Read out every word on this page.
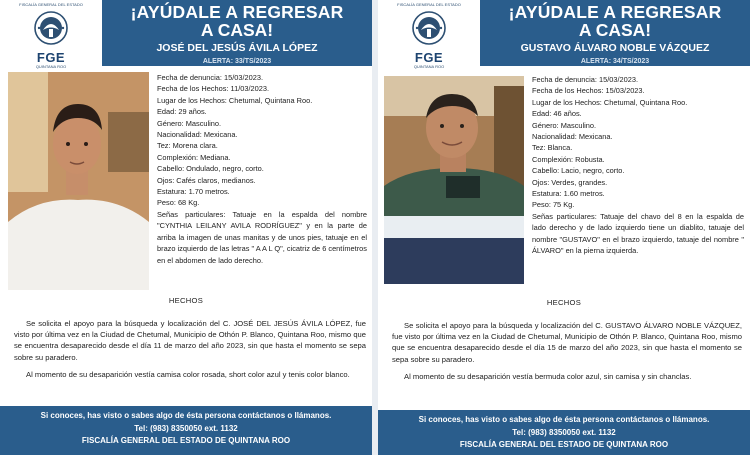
FISCALÍA GENERAL DEL ESTADO
FGE
QUINTANA ROO
¡AYÚDALE A REGRESAR
A CASA!
JOSÉ DEL JESÚS ÁVILA LÓPEZ
ALERTA: 33/TS/2023
Fecha de denuncia: 15/03/2023.
Fecha de los Hechos: 11/03/2023.
Lugar de los Hechos: Chetumal, Quintana Roo.
Edad: 29 años.
Género: Masculino.
Nacionalidad: Mexicana.
Tez: Morena clara.
Complexión: Mediana.
Cabello: Ondulado, negro, corto.
Ojos: Cafés claros, medianos.
Estatura: 1.70 metros.
Peso: 68 Kg.
Señas particulares: Tatuaje en la espalda del nombre "CYNTHIA LEILANY AVILA RODRÍGUEZ" y en la parte de arriba la imagen de unas manitas y de unos pies, tatuaje en el brazo izquierdo de las letras " A A L Q", cicatriz de 6 centímetros en el abdomen de lado derecho.
HECHOS

Se solicita el apoyo para la búsqueda y localización del C. JOSÉ DEL JESÚS ÁVILA LÓPEZ, fue visto por última vez en la Ciudad de Chetumal, Municipio de Othón P. Blanco, Quintana Roo, mismo que se encuentra desaparecido desde el día 11 de marzo del año 2023, sin que hasta el momento se sepa sobre su paradero.

Al momento de su desaparición vestía camisa color rosada, short color azul y tenis color blanco.

Si conoces, has visto o sabes algo de ésta persona contáctanos o llámanos.
Tel: (983) 8350050 ext. 1132
FISCALÍA GENERAL DEL ESTADO DE QUINTANA ROO
FISCALÍA GENERAL DEL ESTADO
FGE
QUINTANA ROO
¡AYÚDALE A REGRESAR
A CASA!
GUSTAVO ÁLVARO NOBLE VÁZQUEZ
ALERTA: 34/TS/2023
Fecha de denuncia: 15/03/2023.
Fecha de los Hechos: 15/03/2023.
Lugar de los Hechos: Chetumal, Quintana Roo.
Edad: 46 años.
Género: Masculino.
Nacionalidad: Mexicana.
Tez: Blanca.
Complexión: Robusta.
Cabello: Lacio, negro, corto.
Ojos: Verdes, grandes.
Estatura: 1.60 metros.
Peso: 75 Kg.
Señas particulares: Tatuaje del chavo del 8 en la espalda de lado derecho y de lado izquierdo tiene un diablito, tatuaje del nombre "GUSTAVO" en el brazo izquierdo, tatuaje del nombre " ÁLVARO" en la pierna izquierda.
HECHOS

Se solicita el apoyo para la búsqueda y localización del C. GUSTAVO ÁLVARO NOBLE VÁZQUEZ, fue visto por última vez en la Ciudad de Chetumal, Municipio de Othón P. Blanco, Quintana Roo, mismo que se encuentra desaparecido desde el día 15 de marzo del año 2023, sin que hasta el momento se sepa sobre su paradero.

Al momento de su desaparición vestía bermuda color azul, sin camisa y sin chanclas.

Si conoces, has visto o sabes algo de ésta persona contáctanos o llámanos.
Tel: (983) 8350050 ext. 1132
FISCALÍA GENERAL DEL ESTADO DE QUINTANA ROO
